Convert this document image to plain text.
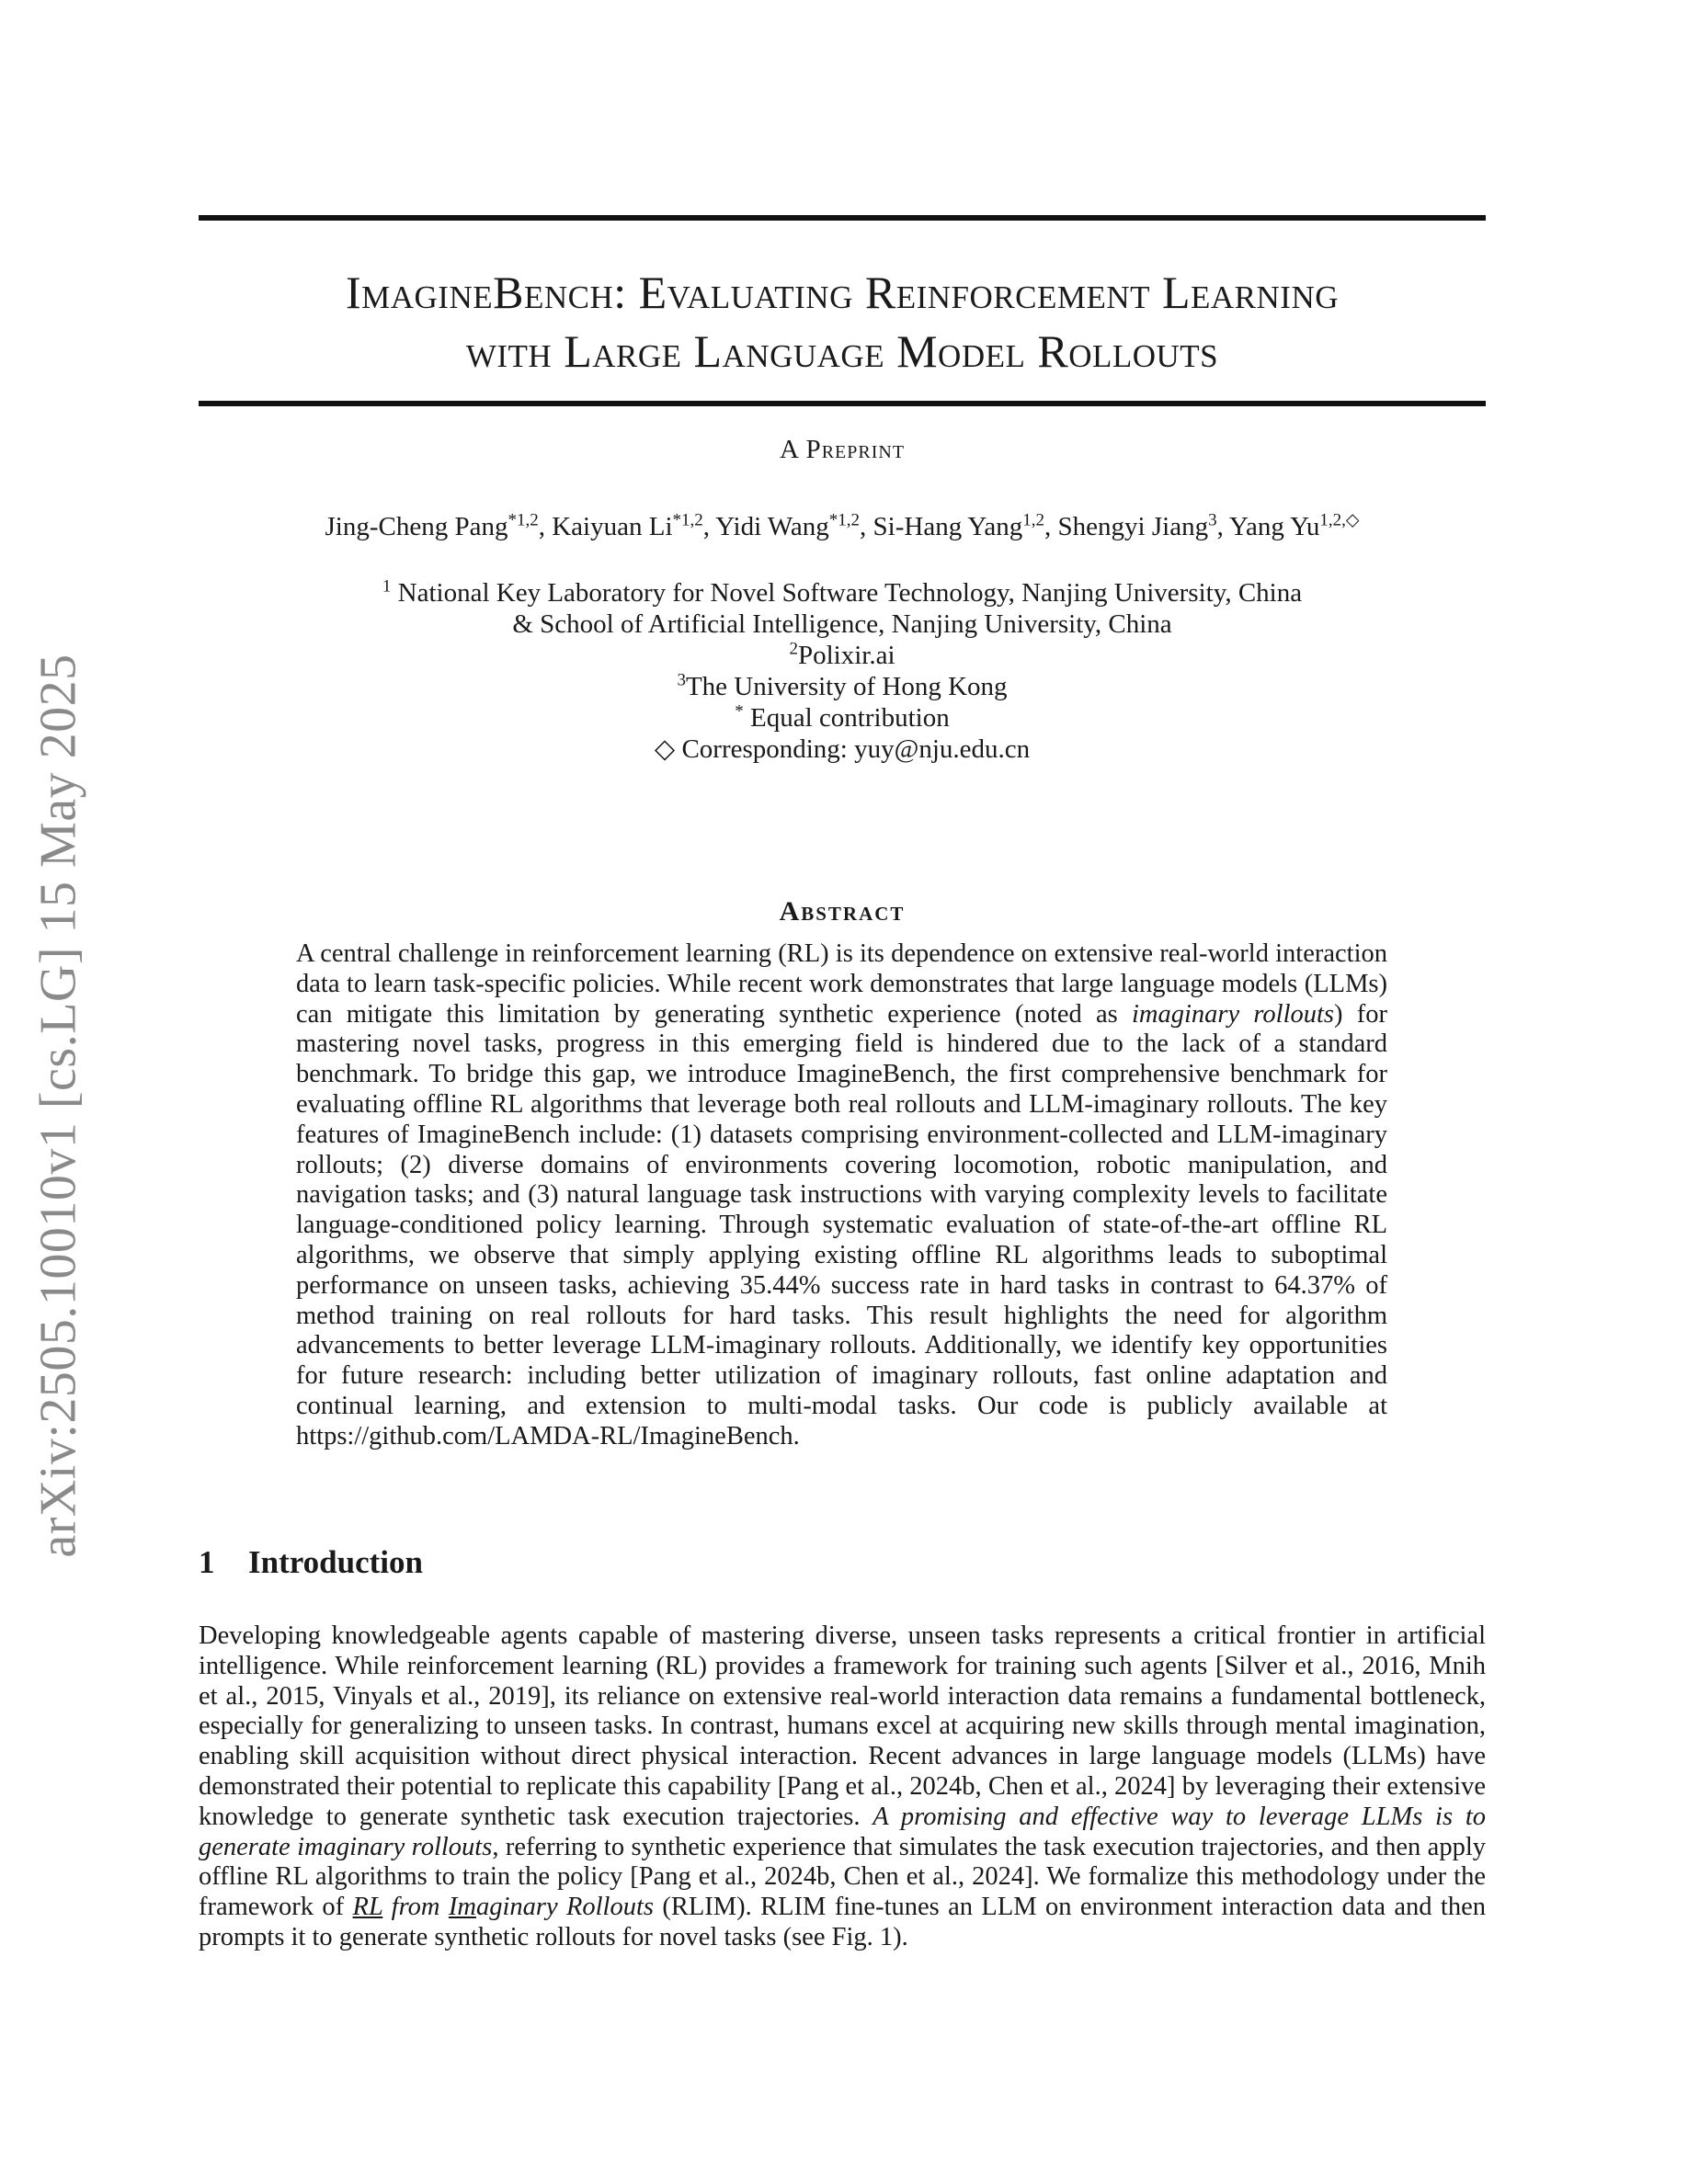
arXiv:2505.10010v1 [cs.LG] 15 May 2025
ImagineBench: Evaluating Reinforcement Learning
with Large Language Model Rollouts
A Preprint
Jing-Cheng Pang$^{*1,2}$, Kaiyuan Li$^{*1,2}$, Yidi Wang$^{*1,2}$, Si-Hang Yang$^{1,2}$, Shengyi Jiang$^3$, Yang $Yu^{1,2,◇}$
$^1$ National Key Laboratory for Novel Software Technology, Nanjing University, China
& School of Artificial Intelligence, Nanjing University, China
$^2$Polixir.ai
$^3$The University of Hong Kong
* Equal contribution
◇ Corresponding: yuy@nju.edu.cn
Abstract
A central challenge in reinforcement learning (RL) is its dependence on extensive real-world interaction data to learn task-specific policies. While recent work demonstrates that large language models (LLMs) can mitigate this limitation by generating synthetic experience (noted as imaginary rollouts) for mastering novel tasks, progress in this emerging field is hindered due to the lack of a standard benchmark. To bridge this gap, we introduce ImagineBench, the first comprehensive benchmark for evaluating offline RL algorithms that leverage both real rollouts and LLM-imaginary rollouts. The key features of ImagineBench include: (1) datasets comprising environment-collected and LLM-imaginary rollouts; (2) diverse domains of environments covering locomotion, robotic manipulation, and navigation tasks; and (3) natural language task instructions with varying complexity levels to facilitate language-conditioned policy learning. Through systematic evaluation of state-of-the-art offline RL algorithms, we observe that simply applying existing offline RL algorithms leads to suboptimal performance on unseen tasks, achieving 35.44% success rate in hard tasks in contrast to 64.37% of method training on real rollouts for hard tasks. This result highlights the need for algorithm advancements to better leverage LLM-imaginary rollouts. Additionally, we identify key opportunities for future research: including better utilization of imaginary rollouts, fast online adaptation and continual learning, and extension to multi-modal tasks. Our code is publicly available at https://github.com/LAMDA-RL/ImagineBench.
1 Introduction
Developing knowledgeable agents capable of mastering diverse, unseen tasks represents a critical frontier in artificial intelligence. While reinforcement learning (RL) provides a framework for training such agents [Silver et al., 2016, Mnih et al., 2015, Vinyals et al., 2019], its reliance on extensive real-world interaction data remains a fundamental bottleneck, especially for generalizing to unseen tasks. In contrast, humans excel at acquiring new skills through mental imagination, enabling skill acquisition without direct physical interaction. Recent advances in large language models (LLMs) have demonstrated their potential to replicate this capability [Pang et al., 2024b, Chen et al., 2024] by leveraging their extensive knowledge to generate synthetic task execution trajectories. A promising and effective way to leverage LLMs is to generate imaginary rollouts, referring to synthetic experience that simulates the task execution trajectories, and then apply offline RL algorithms to train the policy [Pang et al., 2024b, Chen et al., 2024]. We formalize this methodology under the framework of RL from Imaginary Rollouts (RLIM). RLIM fine-tunes an LLM on environment interaction data and then prompts it to generate synthetic rollouts for novel tasks (see Fig. 1).
